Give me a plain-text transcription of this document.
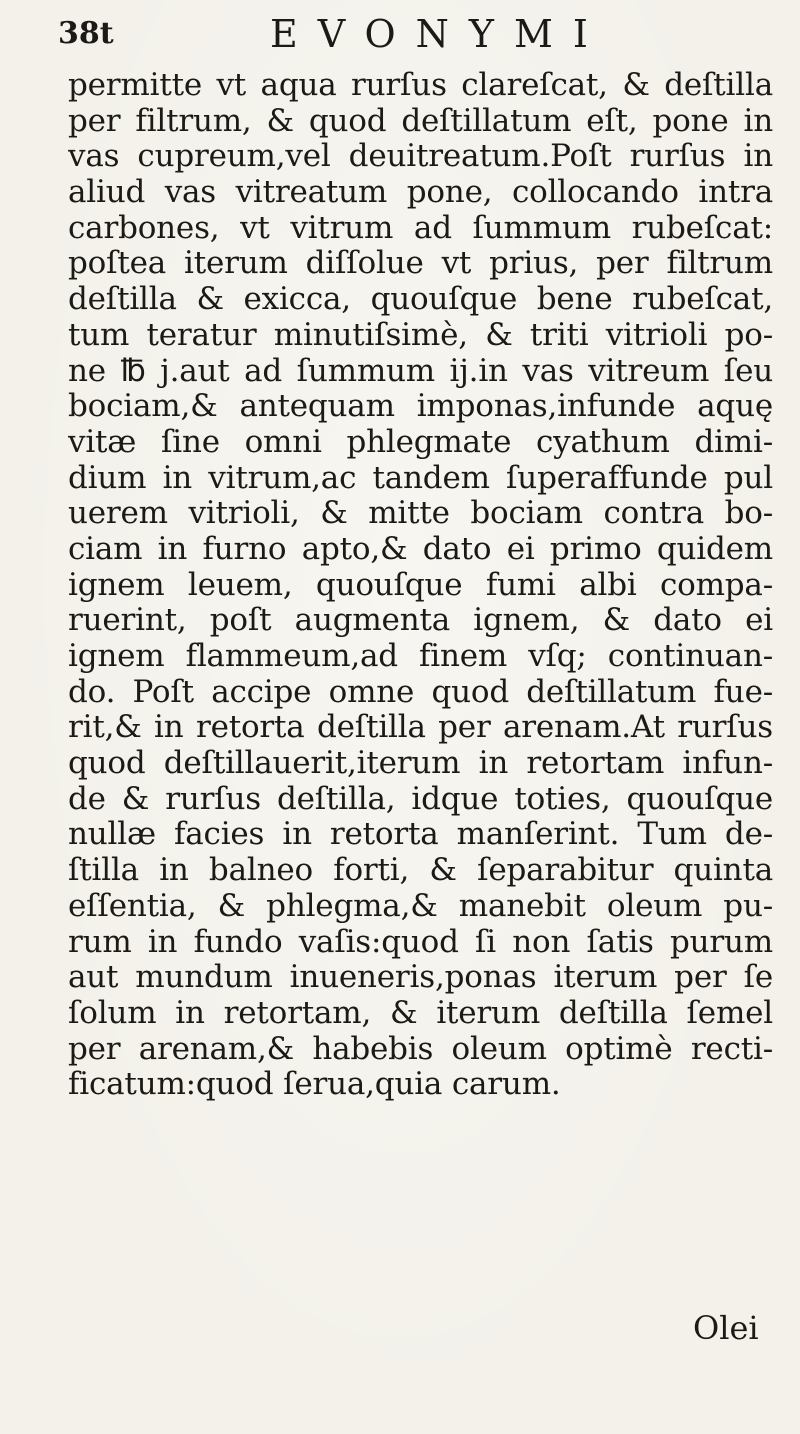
38t	EVONYMI
permitte vt aqua rurſus clareſcat, & deſtilla
per filtrum, & quod deſtillatum eſt, pone in
vas cupreum,vel deuitreatum.Poſt rurſus in
aliud vas vitreatum pone, collocando intra
carbones, vt vitrum ad ſummum rubeſcat:
poſtea iterum diſſolue vt prius, per filtrum
deſtilla & exicca, quouſque bene rubeſcat,
tum teratur minutiſsimè, & triti vitrioli po-
ne ℔ j.aut ad ſummum ij.in vas vitreum ſeu
bociam,& antequam imponas,infunde aquę
vitæ ſine omni phlegmate cyathum dimi-
dium in vitrum,ac tandem ſuperaffunde pul
uerem vitrioli, & mitte bociam contra bo-
ciam in furno apto,& dato ei primo quidem
ignem leuem, quouſque fumi albi compa-
ruerint, poſt augmenta ignem, & dato ei
ignem flammeum,ad finem vſq; continuan-
do. Poſt accipe omne quod deſtillatum fue-
rit,& in retorta deſtilla per arenam.At rurſus
quod deſtillauerit,iterum in retortam infun-
de & rurſus deſtilla, idque toties, quouſque
nullæ facies in retorta manſerint. Tum de-
ſtilla in balneo forti, & ſeparabitur quinta
eſſentia, & phlegma,& manebit oleum pu-
rum in fundo vaſis:quod ſi non ſatis purum
aut mundum inueneris,ponas iterum per ſe
ſolum in retortam, & iterum deſtilla ſemel
per arenam,& habebis oleum optimè recti-
ficatum:quod ſerua,quia carum.
Olei
